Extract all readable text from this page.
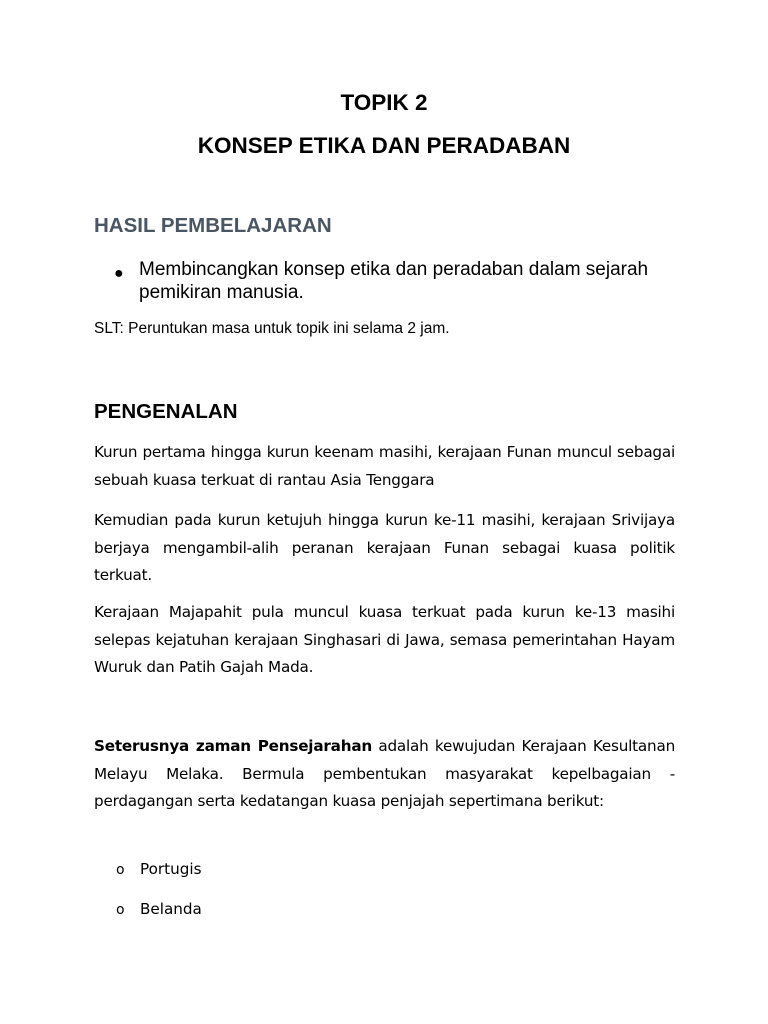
TOPIK 2
KONSEP ETIKA DAN PERADABAN
HASIL PEMBELAJARAN
● Membincangkan konsep etika dan peradaban dalam sejarah pemikiran manusia.
SLT: Peruntukan masa untuk topik ini selama 2 jam.
PENGENALAN
Kurun pertama hingga kurun keenam masihi, kerajaan Funan muncul sebagai sebuah kuasa terkuat di rantau Asia Tenggara
Kemudian pada kurun ketujuh hingga kurun ke-11 masihi, kerajaan Srivijaya berjaya mengambil-alih peranan kerajaan Funan sebagai kuasa politik terkuat.
Kerajaan Majapahit pula muncul kuasa terkuat pada kurun ke-13 masihi selepas kejatuhan kerajaan Singhasari di Jawa, semasa pemerintahan Hayam Wuruk dan Patih Gajah Mada.
Seterusnya zaman Pensejarahan adalah kewujudan Kerajaan Kesultanan Melayu Melaka. Bermula pembentukan masyarakat kepelbagaian - perdagangan serta kedatangan kuasa penjajah sepertimana berikut:
o Portugis
o Belanda
